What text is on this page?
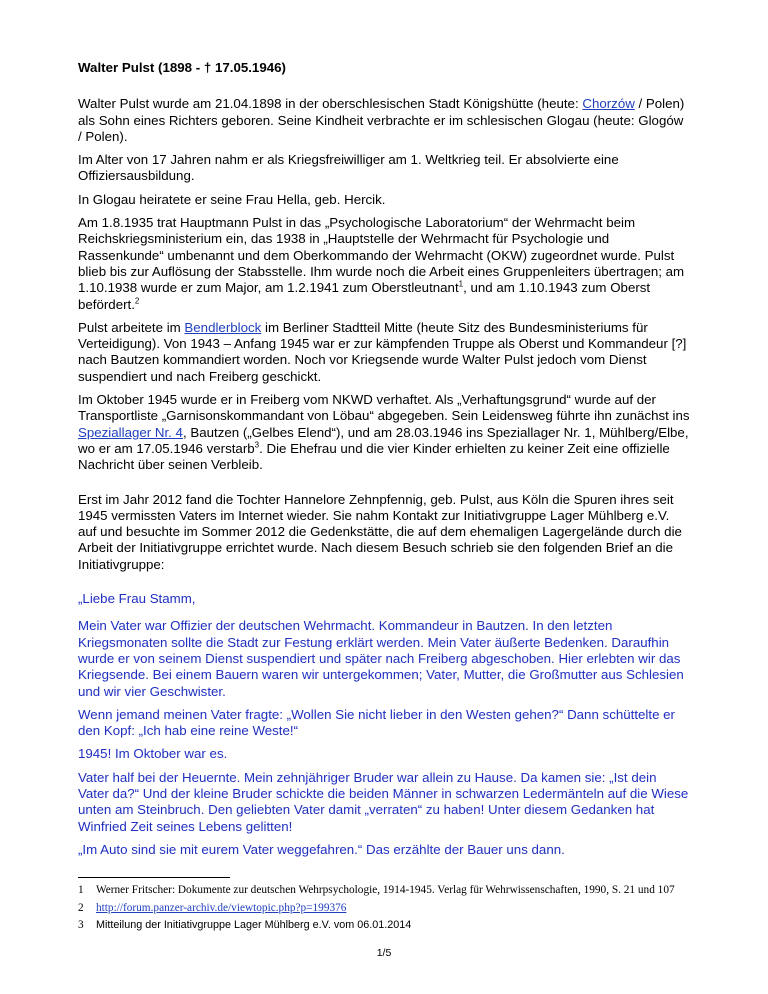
Walter Pulst (1898 - † 17.05.1946)

Walter Pulst wurde am 21.04.1898 in der oberschlesischen Stadt Königshütte (heute: Chorzów / Polen) als Sohn eines Richters geboren. Seine Kindheit verbrachte er im schlesischen Glogau (heute: Glogów / Polen).

Im Alter von 17 Jahren nahm er als Kriegsfreiwilliger am 1. Weltkrieg teil. Er absolvierte eine Offiziersausbildung.

In Glogau heiratete er seine Frau Hella, geb. Hercik.

Am 1.8.1935 trat Hauptmann Pulst in das „Psychologische Laboratorium“ der Wehrmacht beim Reichskriegsministerium ein, das 1938 in „Hauptstelle der Wehrmacht für Psychologie und Rassenkunde“ umbenannt und dem Oberkommando der Wehrmacht (OKW) zugeordnet wurde. Pulst blieb bis zur Auflösung der Stabsstelle. Ihm wurde noch die Arbeit eines Gruppenleiters übertragen; am 1.10.1938 wurde er zum Major, am 1.2.1941 zum Oberstleutnant$^1$, und am 1.10.1943 zum Oberst befördert.$^2$

Pulst arbeitete im Bendlerblock im Berliner Stadtteil Mitte (heute Sitz des Bundesministeriums für Verteidigung). Von 1943 – Anfang 1945 war er zur kämpfenden Truppe als Oberst und Kommandeur [?] nach Bautzen kommandiert worden. Noch vor Kriegsende wurde Walter Pulst jedoch vom Dienst suspendiert und nach Freiberg geschickt.

Im Oktober 1945 wurde er in Freiberg vom NKWD verhaftet. Als „Verhaftungsgrund“ wurde auf der Transportliste „Garnisonskommandant von Löbau“ abgegeben. Sein Leidensweg führte ihn zunächst ins Speziallager Nr. 4, Bautzen („Gelbes Elend“), und am 28.03.1946 ins Speziallager Nr. 1, Mühlberg/Elbe, wo er am 17.05.1946 verstarb$^3$. Die Ehefrau und die vier Kinder erhielten zu keiner Zeit eine offizielle Nachricht über seinen Verbleib.

Erst im Jahr 2012 fand die Tochter Hannelore Zehnpfennig, geb. Pulst, aus Köln die Spuren ihres seit 1945 vermissten Vaters im Internet wieder. Sie nahm Kontakt zur Initiativgruppe Lager Mühlberg e.V. auf und besuchte im Sommer 2012 die Gedenkstätte, die auf dem ehemaligen Lagergelände durch die Arbeit der Initiativgruppe errichtet wurde. Nach diesem Besuch schrieb sie den folgenden Brief an die Initiativgruppe:

„Liebe Frau Stamm,

Mein Vater war Offizier der deutschen Wehrmacht. Kommandeur in Bautzen. In den letzten Kriegsmonaten sollte die Stadt zur Festung erklärt werden. Mein Vater äußerte Bedenken. Daraufhin wurde er von seinem Dienst suspendiert und später nach Freiberg abgeschoben. Hier erlebten wir das Kriegsende. Bei einem Bauern waren wir untergekommen; Vater, Mutter, die Großmutter aus Schlesien und wir vier Geschwister.

Wenn jemand meinen Vater fragte: „Wollen Sie nicht lieber in den Westen gehen?“ Dann schüttelte er den Kopf: „Ich hab eine reine Weste!“

1945! Im Oktober war es.

Vater half bei der Heuernte. Mein zehnjähriger Bruder war allein zu Hause. Da kamen sie: „Ist dein Vater da?“ Und der kleine Bruder schickte die beiden Männer in schwarzen Ledermänteln auf die Wiese unten am Steinbruch. Den geliebten Vater damit „verraten“ zu haben! Unter diesem Gedanken hat Winfried Zeit seines Lebens gelitten!

„Im Auto sind sie mit eurem Vater weggefahren.“ Das erzählte der Bauer uns dann.

1	Werner Fritscher: Dokumente zur deutschen Wehrpsychologie, 1914-1945. Verlag für Wehrwissenschaften, 1990, S. 21 und 107
2	http://forum.panzer-archiv.de/viewtopic.php?p=199376
3	Mitteilung der Initiativgruppe Lager Mühlberg e.V. vom 06.01.2014
1/5
